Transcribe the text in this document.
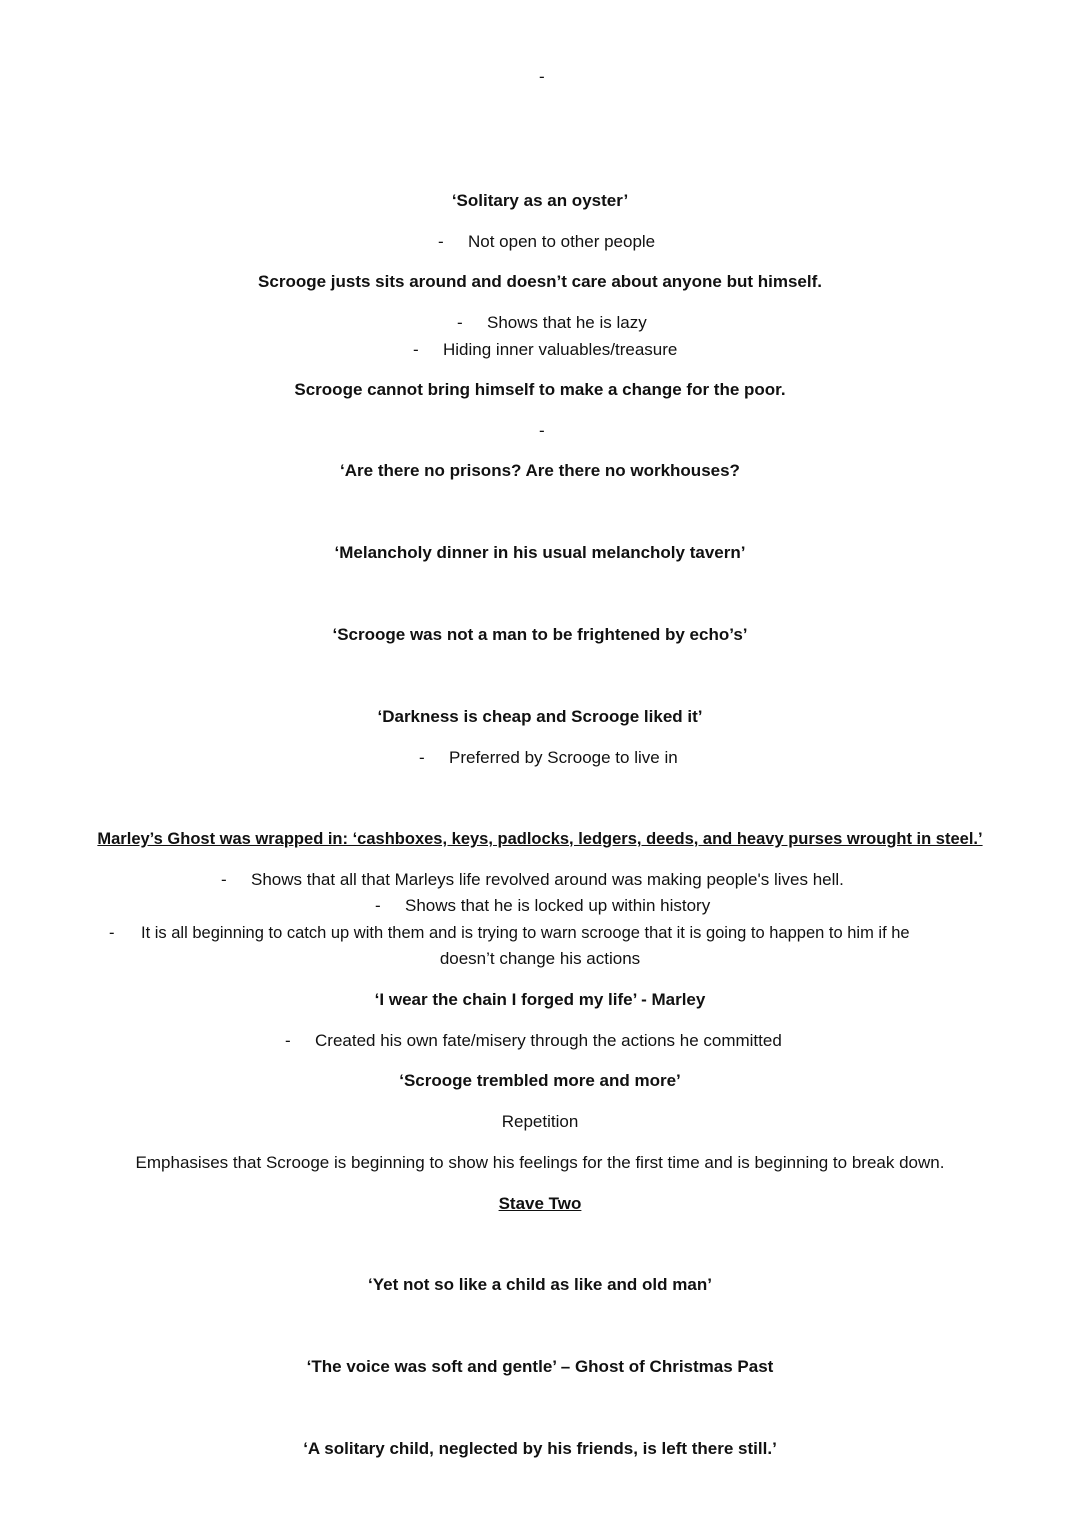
-
‘Solitary as an oyster’
- Not open to other people
Scrooge justs sits around and doesn’t care about anyone but himself.
- Shows that he is lazy
- Hiding inner valuables/treasure
Scrooge cannot bring himself to make a change for the poor.
-
‘Are there no prisons? Are there no workhouses?
‘Melancholy dinner in his usual melancholy tavern’
‘Scrooge was not a man to be frightened by echo’s’
‘Darkness is cheap and Scrooge liked it’
- Preferred by Scrooge to live in
Marley’s Ghost was wrapped in: ‘cashboxes, keys, padlocks, ledgers, deeds, and heavy purses wrought in steel.’
- Shows that all that Marleys life revolved around was making people's lives hell.
- Shows that he is locked up within history
- It is all beginning to catch up with them and is trying to warn scrooge that it is going to happen to him if he
doesn’t change his actions
‘I wear the chain I forged my life’ - Marley
- Created his own fate/misery through the actions he committed
‘Scrooge trembled more and more’
Repetition
Emphasises that Scrooge is beginning to show his feelings for the first time and is beginning to break down.
Stave Two
‘Yet not so like a child as like and old man’
‘The voice was soft and gentle’ – Ghost of Christmas Past
‘A solitary child, neglected by his friends, is left there still.’
